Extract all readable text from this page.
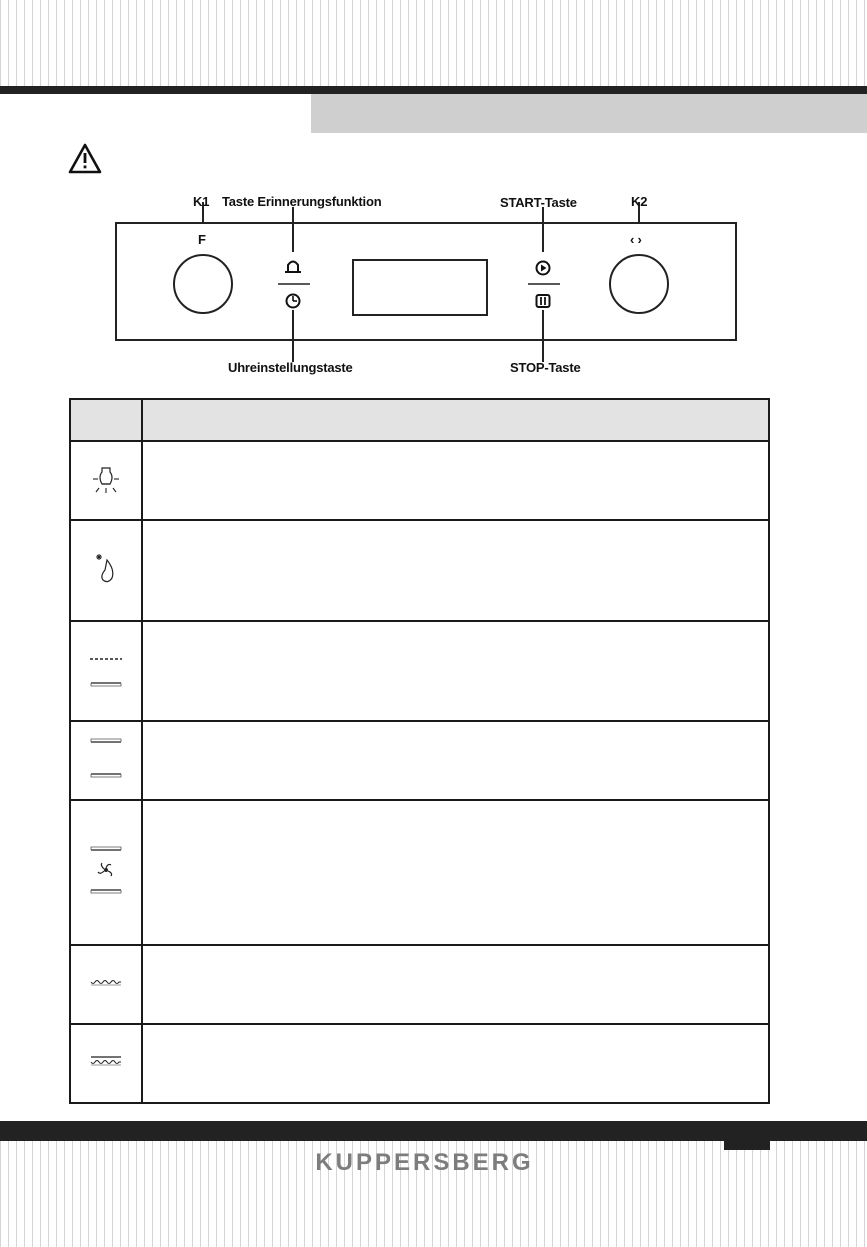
K1
F
K2
‹ ›
Taste Erinnerungsfunktion
Uhreinstellungstaste
START-Taste
STOP-Taste

KUPPERSBERG
